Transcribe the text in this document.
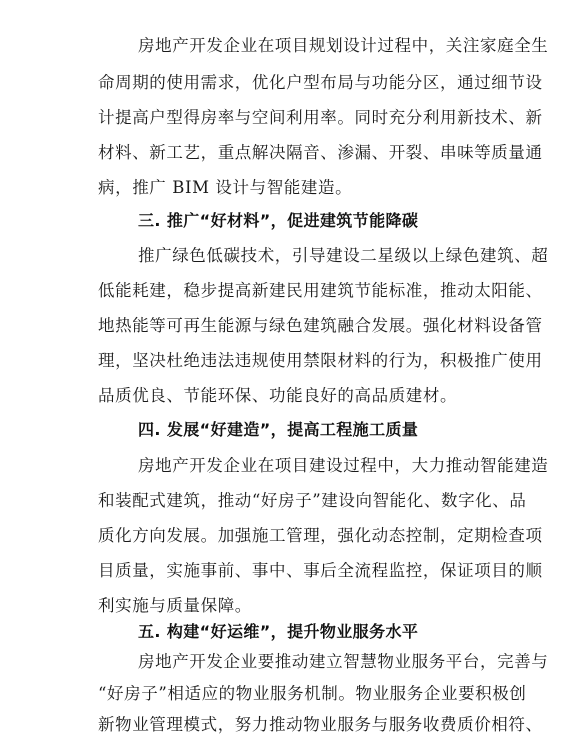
房地产开发企业在项目规划设计过程中，关注家庭全生
命周期的使用需求，优化户型布局与功能分区，通过细节设
计提高户型得房率与空间利用率。同时充分利用新技术、新
材料、新工艺，重点解决隔音、渗漏、开裂、串味等质量通
病，推广 BIM 设计与智能建造。
三. 推广“好材料”，促进建筑节能降碳
推广绿色低碳技术，引导建设二星级以上绿色建筑、超
低能耗建，稳步提高新建民用建筑节能标准，推动太阳能、
地热能等可再生能源与绿色建筑融合发展。强化材料设备管
理，坚决杜绝违法违规使用禁限材料的行为，积极推广使用
品质优良、节能环保、功能良好的高品质建材。
四. 发展“好建造”，提高工程施工质量
房地产开发企业在项目建设过程中，大力推动智能建造
和装配式建筑，推动“好房子”建设向智能化、数字化、品
质化方向发展。加强施工管理，强化动态控制，定期检查项
目质量，实施事前、事中、事后全流程监控，保证项目的顺
利实施与质量保障。
五. 构建“好运维”，提升物业服务水平
房地产开发企业要推动建立智慧物业服务平台，完善与
“好房子”相适应的物业服务机制。物业服务企业要积极创
新物业管理模式，努力推动物业服务与服务收费质价相符、
